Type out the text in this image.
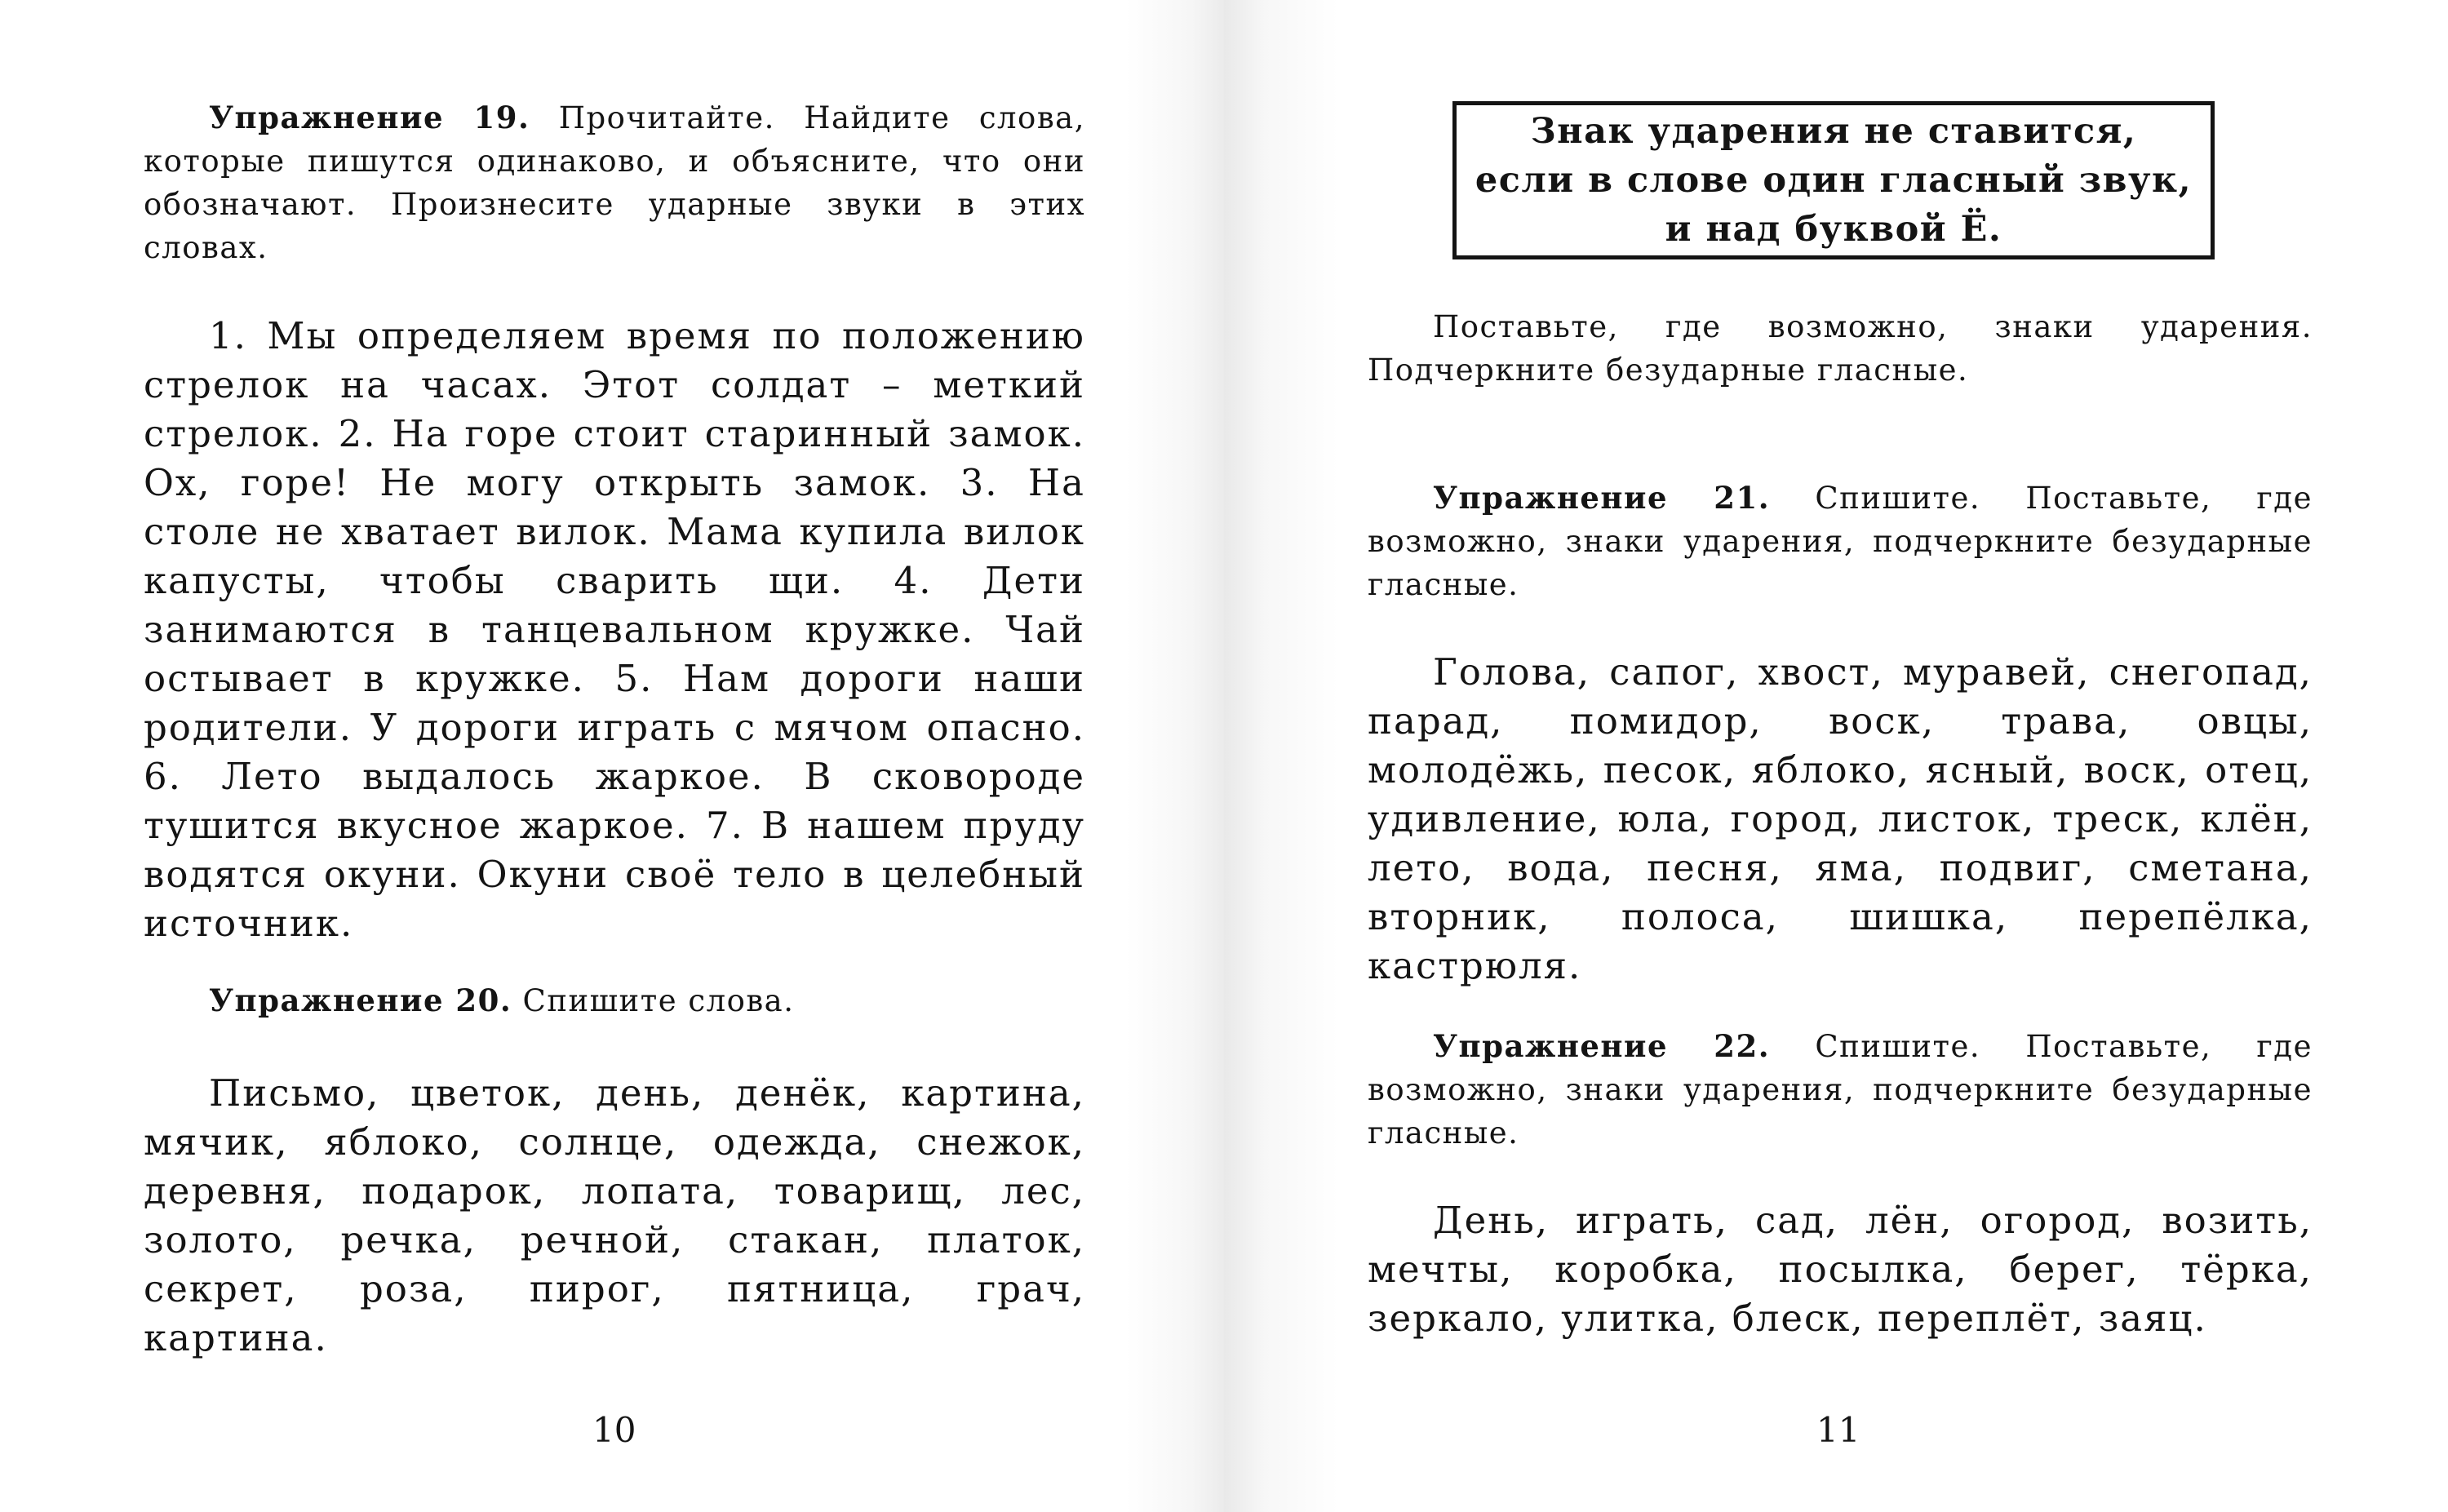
Упражнение 19. Прочитайте. Найдите слова, которые пишутся одинаково, и объясните, что они обозначают. Произнесите ударные звуки в этих словах.

1. Мы определяем время по положению стрелок на часах. Этот солдат – меткий стрелок. 2. На горе стоит старинный замок. Ох, горе! Не могу открыть замок. 3. На столе не хватает вилок. Мама купила вилок капусты, чтобы сварить щи. 4. Дети занимаются в танцевальном кружке. Чай остывает в кружке. 5. Нам дороги наши родители. У дороги играть с мячом опасно. 6. Лето выдалось жаркое. В сковороде тушится вкусное жаркое. 7. В нашем пруду водятся окуни. Окуни своё тело в целебный источник.

Упражнение 20. Спишите слова.

Письмо, цветок, день, денёк, картина, мячик, яблоко, солнце, одежда, снежок, деревня, подарок, лопата, товарищ, лес, золото, речка, речной, стакан, платок, секрет, роза, пирог, пятница, грач, картина.

10
Знак ударения не ставится,
если в слове один гласный звук,
и над буквой Ё.

Поставьте, где возможно, знаки ударения. Подчеркните безударные гласные.

Упражнение 21. Спишите. Поставьте, где возможно, знаки ударения, подчеркните безударные гласные.

Голова, сапог, хвост, муравей, снегопад, парад, помидор, воск, трава, овцы, молодёжь, песок, яблоко, ясный, воск, отец, удивление, юла, город, листок, треск, клён, лето, вода, песня, яма, подвиг, сметана, вторник, полоса, шишка, перепёлка, кастрюля.

Упражнение 22. Спишите. Поставьте, где возможно, знаки ударения, подчеркните безударные гласные.

День, играть, сад, лён, огород, возить, мечты, коробка, посылка, берег, тёрка, зеркало, улитка, блеск, переплёт, заяц.

11
